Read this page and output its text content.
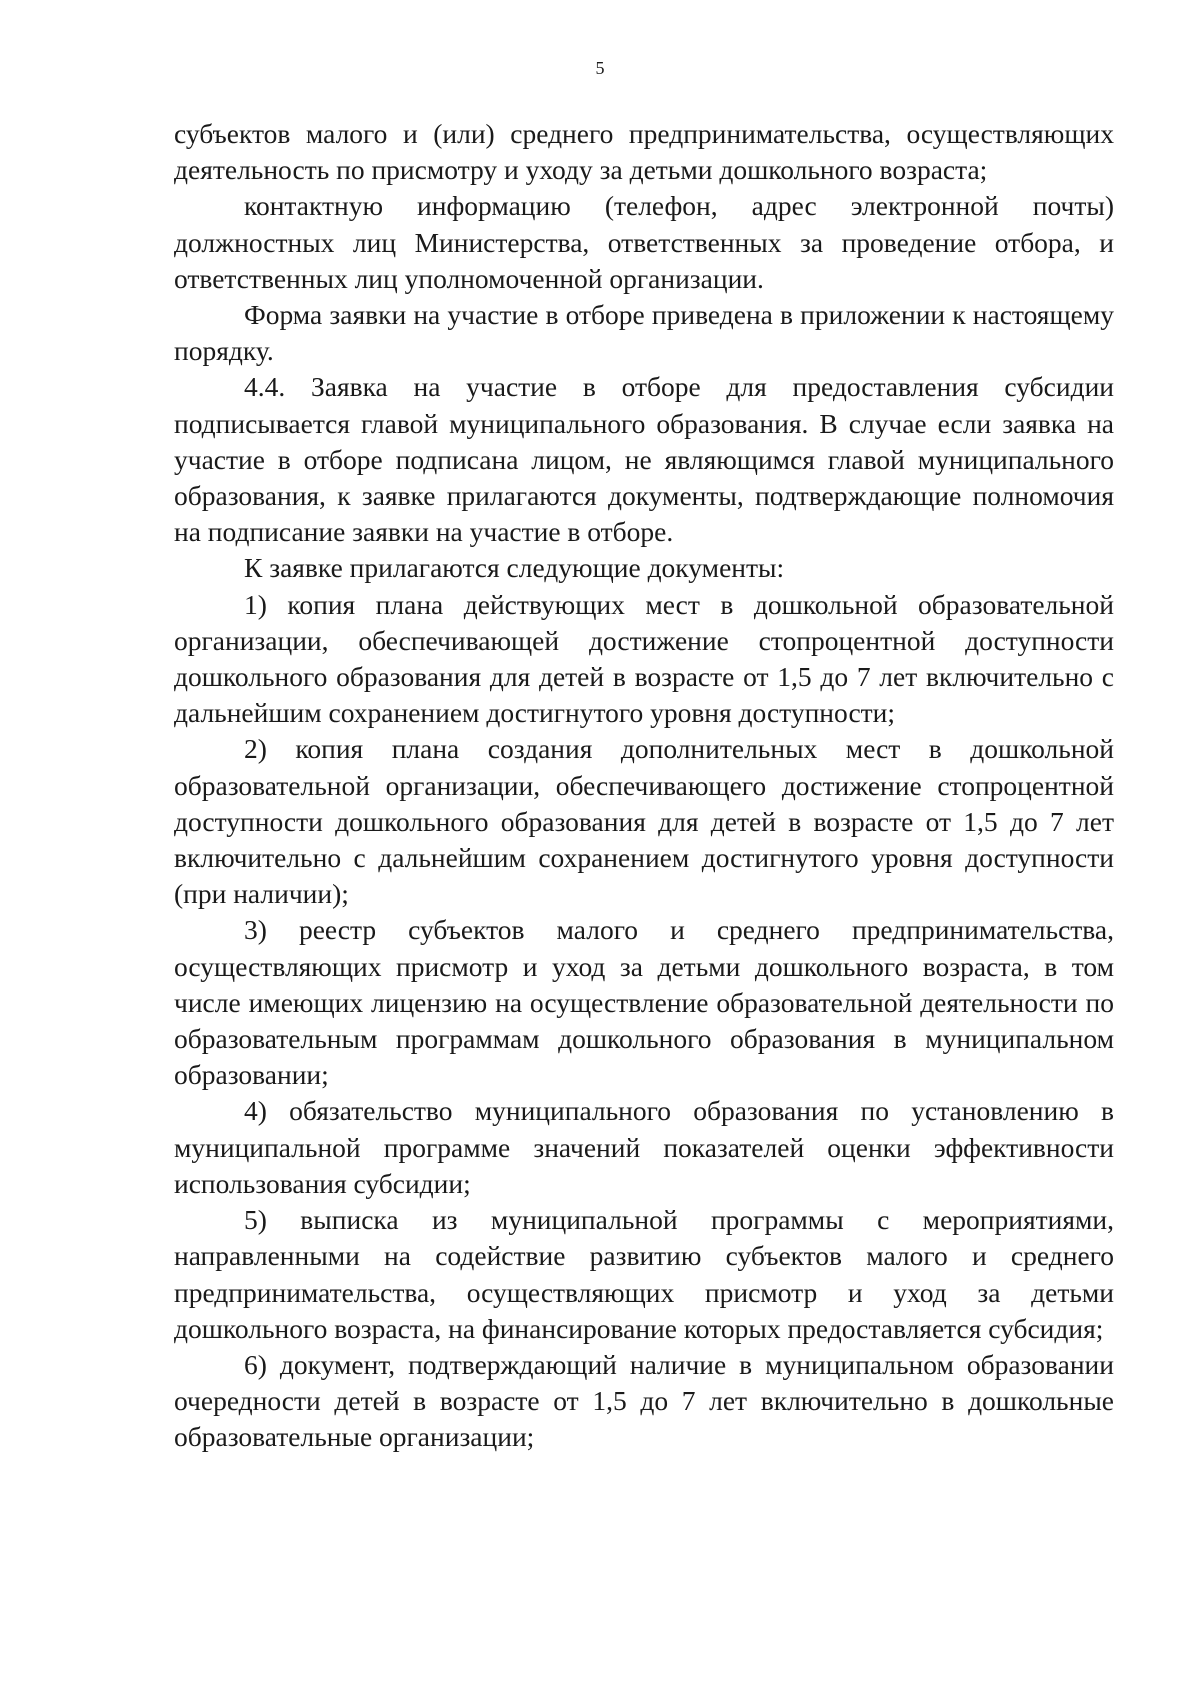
5

субъектов малого и (или) среднего предпринимательства, осуществляющих деятельность по присмотру и уходу за детьми дошкольного возраста;

контактную информацию (телефон, адрес электронной почты) должностных лиц Министерства, ответственных за проведение отбора, и ответственных лиц уполномоченной организации.

Форма заявки на участие в отборе приведена в приложении к настоящему порядку.

4.4. Заявка на участие в отборе для предоставления субсидии подписывается главой муниципального образования. В случае если заявка на участие в отборе подписана лицом, не являющимся главой муниципального образования, к заявке прилагаются документы, подтверждающие полномочия на подписание заявки на участие в отборе.

К заявке прилагаются следующие документы:

1) копия плана действующих мест в дошкольной образовательной организации, обеспечивающей достижение стопроцентной доступности дошкольного образования для детей в возрасте от 1,5 до 7 лет включительно с дальнейшим сохранением достигнутого уровня доступности;

2) копия плана создания дополнительных мест в дошкольной образовательной организации, обеспечивающего достижение стопроцентной доступности дошкольного образования для детей в возрасте от 1,5 до 7 лет включительно с дальнейшим сохранением достигнутого уровня доступности (при наличии);

3) реестр субъектов малого и среднего предпринимательства, осуществляющих присмотр и уход за детьми дошкольного возраста, в том числе имеющих лицензию на осуществление образовательной деятельности по образовательным программам дошкольного образования в муниципальном образовании;

4) обязательство муниципального образования по установлению в муниципальной программе значений показателей оценки эффективности использования субсидии;

5) выписка из муниципальной программы с мероприятиями, направленными на содействие развитию субъектов малого и среднего предпринимательства, осуществляющих присмотр и уход за детьми дошкольного возраста, на финансирование которых предоставляется субсидия;

6) документ, подтверждающий наличие в муниципальном образовании очередности детей в возрасте от 1,5 до 7 лет включительно в дошкольные образовательные организации;
